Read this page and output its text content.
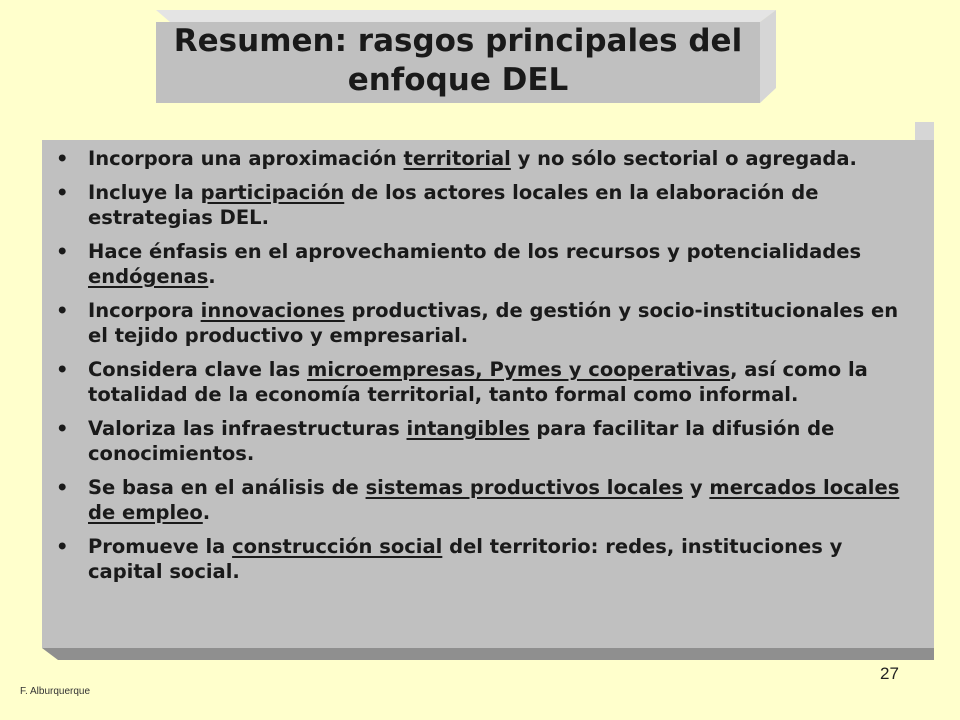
Resumen: rasgos principales del
enfoque DEL
• Incorpora una aproximación territorial y no sólo sectorial o agregada.
• Incluye la participación de los actores locales en la elaboración de estrategias DEL.
• Hace énfasis en el aprovechamiento de los recursos y potencialidades endógenas.
• Incorpora innovaciones productivas, de gestión y socio-institucionales en el tejido productivo y empresarial.
• Considera clave las microempresas, Pymes y cooperativas, así como la totalidad de la economía territorial, tanto formal como informal.
• Valoriza las infraestructuras intangibles para facilitar la difusión de conocimientos.
• Se basa en el análisis de sistemas productivos locales y mercados locales de empleo.
• Promueve la construcción social del territorio: redes, instituciones y capital social.
27
F. Alburquerque
